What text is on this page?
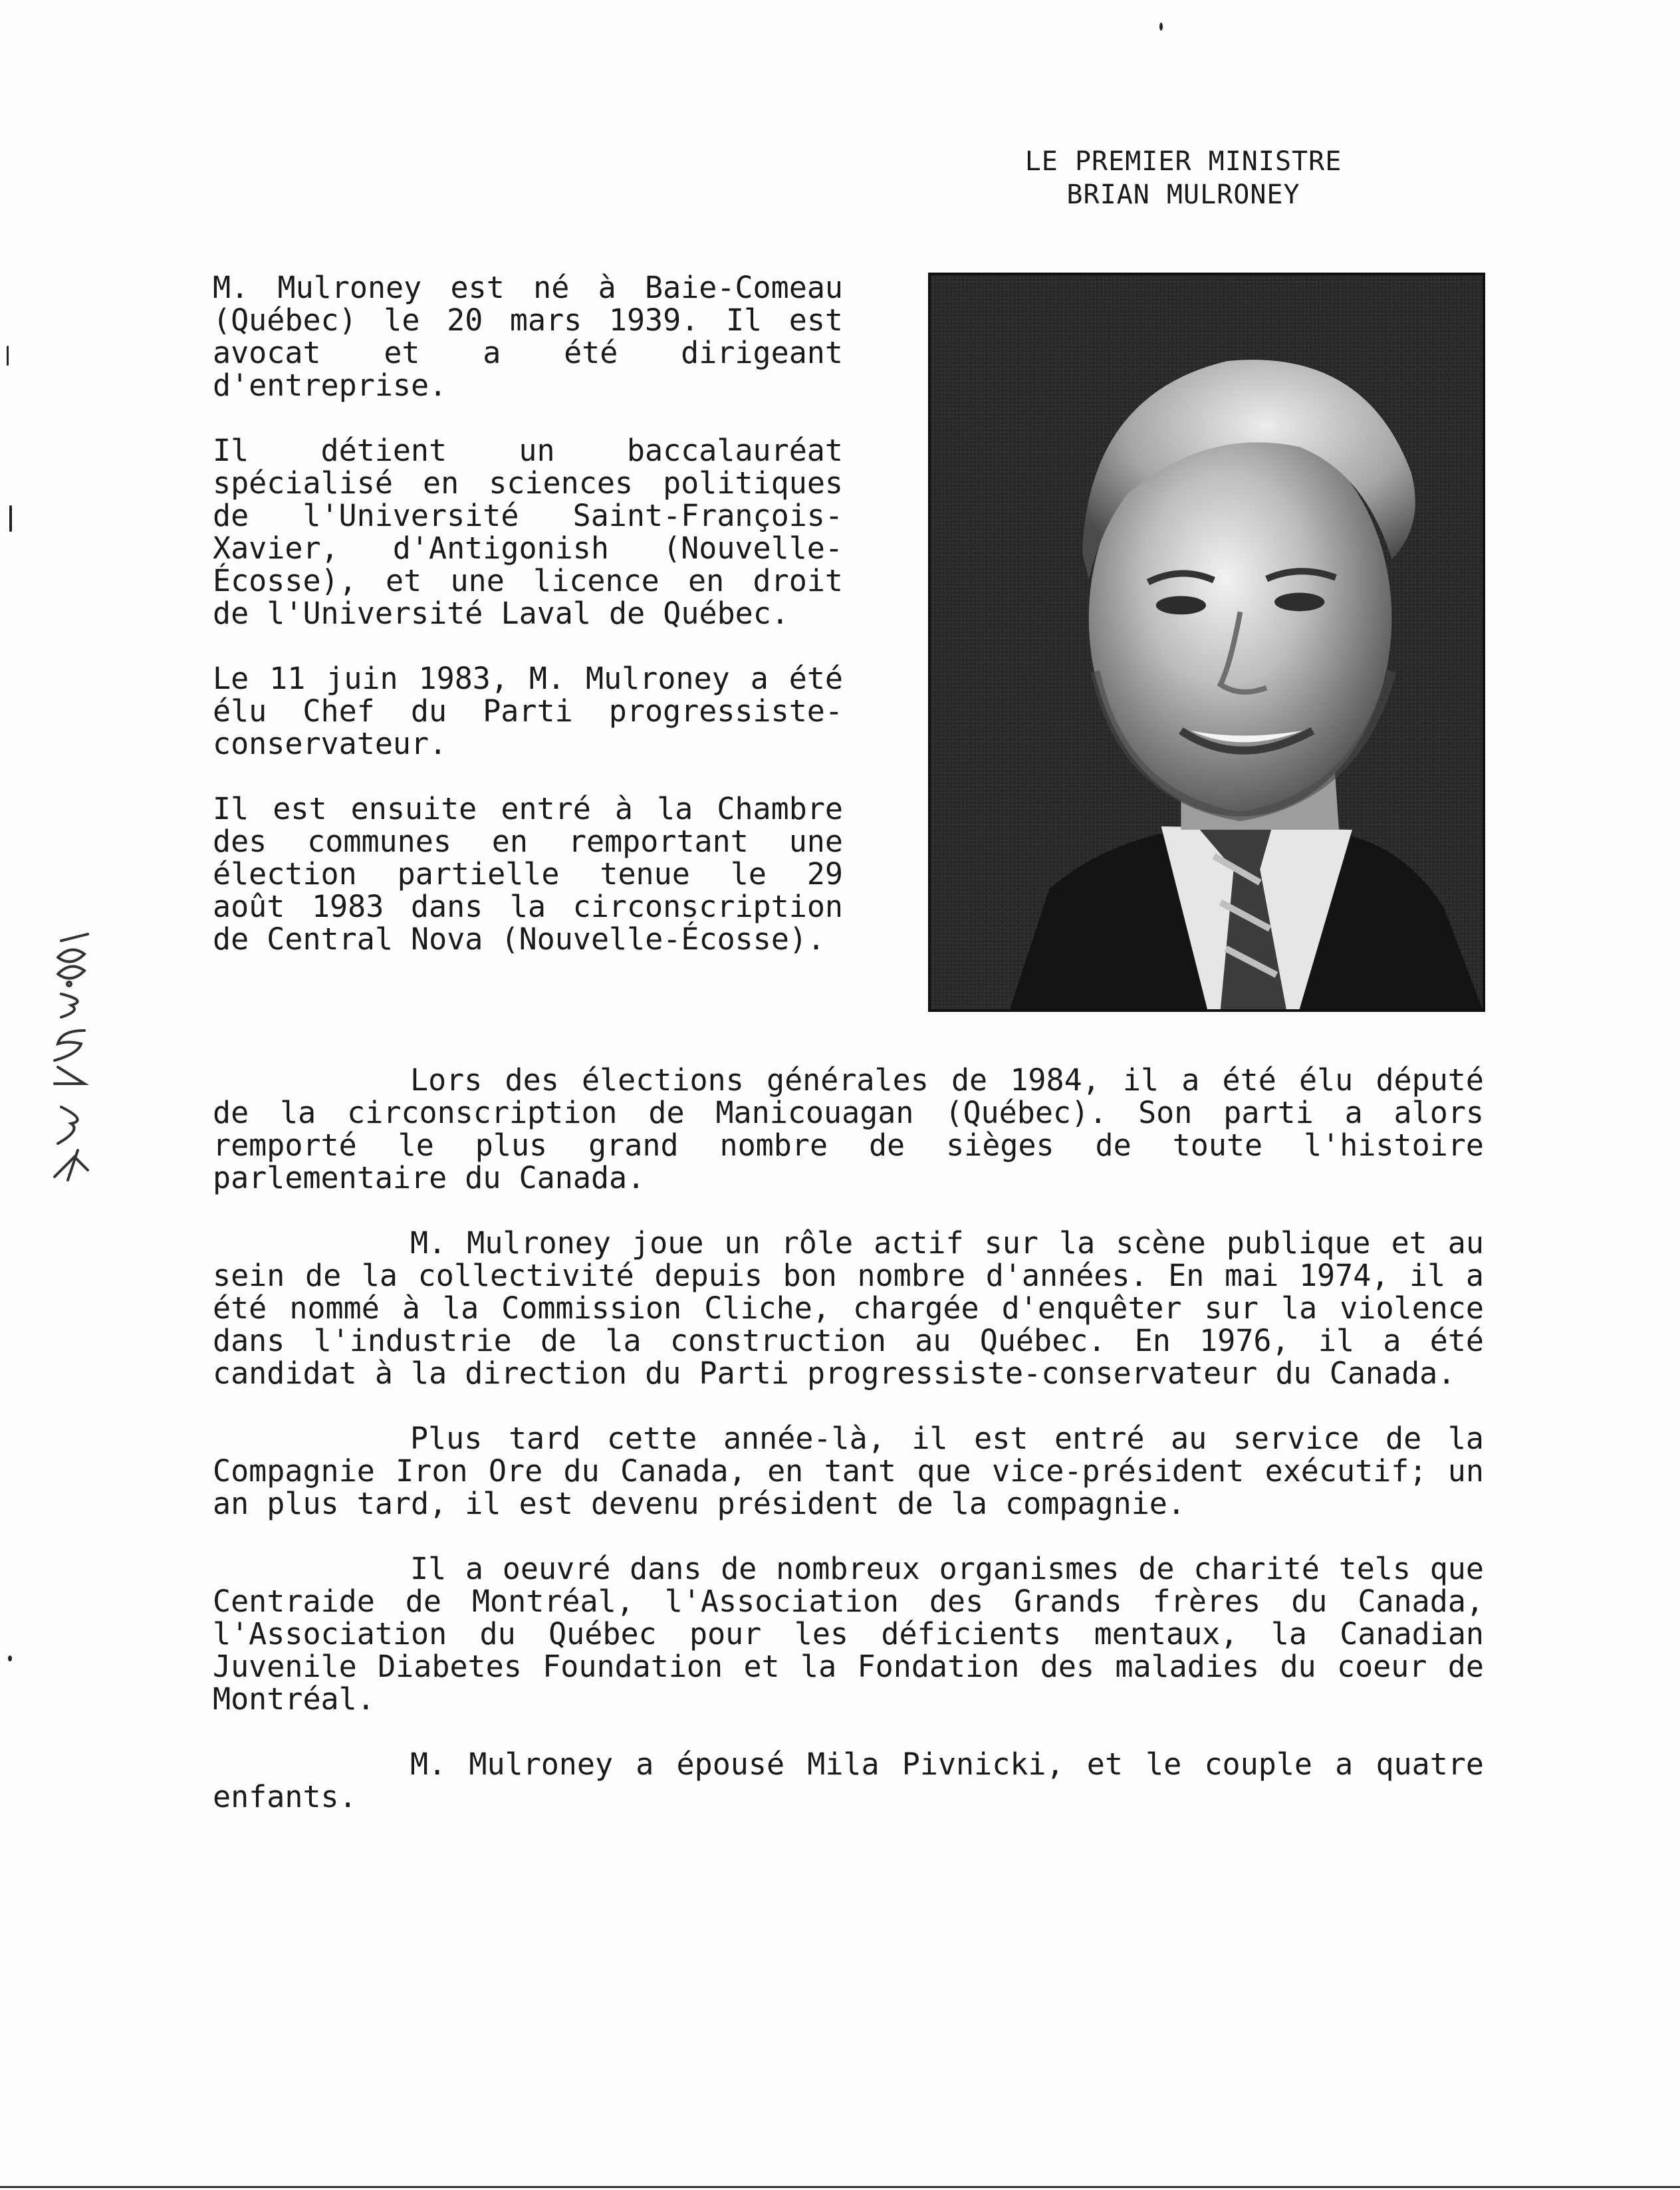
LE PREMIER MINISTRE
BRIAN MULRONEY

M. Mulroney est né à Baie-Comeau (Québec) le 20 mars 1939. Il est avocat et a été dirigeant d'entreprise.

Il détient un baccalauréat spécialisé en sciences politiques de l'Université Saint-François-Xavier, d'Antigonish (Nouvelle-Écosse), et une licence en droit de l'Université Laval de Québec.

Le 11 juin 1983, M. Mulroney a été élu Chef du Parti progressiste-conservateur.

Il est ensuite entré à la Chambre des communes en remportant une élection partielle tenue le 29 août 1983 dans la circonscription de Central Nova (Nouvelle-Écosse).

Lors des élections générales de 1984, il a été élu député de la circonscription de Manicouagan (Québec). Son parti a alors remporté le plus grand nombre de sièges de toute l'histoire parlementaire du Canada.

M. Mulroney joue un rôle actif sur la scène publique et au sein de la collectivité depuis bon nombre d'années. En mai 1974, il a été nommé à la Commission Cliche, chargée d'enquêter sur la violence dans l'industrie de la construction au Québec. En 1976, il a été candidat à la direction du Parti progressiste-conservateur du Canada.

Plus tard cette année-là, il est entré au service de la Compagnie Iron Ore du Canada, en tant que vice-président exécutif; un an plus tard, il est devenu président de la compagnie.

Il a oeuvré dans de nombreux organismes de charité tels que Centraide de Montréal, l'Association des Grands frères du Canada, l'Association du Québec pour les déficients mentaux, la Canadian Juvenile Diabetes Foundation et la Fondation des maladies du coeur de Montréal.

M. Mulroney a épousé Mila Pivnicki, et le couple a quatre enfants.
